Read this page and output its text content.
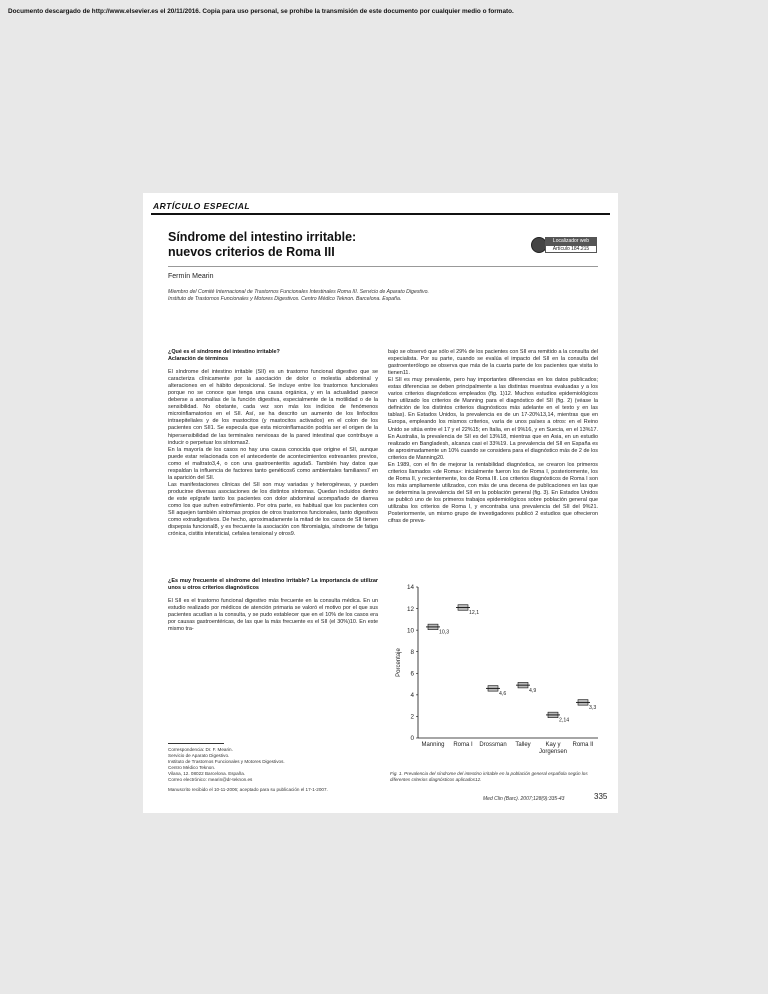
Documento descargado de http://www.elsevier.es el 20/11/2016. Copia para uso personal, se prohíbe la transmisión de este documento por cualquier medio o formato.
ARTÍCULO ESPECIAL
Síndrome del intestino irritable:
nuevos criterios de Roma III
Localizador web
Artículo 184.215
Fermín Mearin
Miembro del Comité Internacional de Trastornos Funcionales Intestinales Roma III. Servicio de Aparato Digestivo.
Instituto de Trastornos Funcionales y Motores Digestivos. Centro Médico Teknon. Barcelona. España.

¿Qué es el síndrome del intestino irritable?

Aclaración de términos

El síndrome del intestino irritable (SII) es un trastorno funcional digestivo que se caracteriza clínicamente por la asociación de dolor o molestia abdominal y alteraciones en el hábito deposicional. Se incluye entre los trastornos funcionales porque no se conoce que tenga una causa orgánica, y en la actualidad parece deberse a anomalías de la función digestiva, especialmente de la motilidad o de la sensibilidad. No obstante, cada vez son más los indicios de fenómenos microinflamatorios en el SII. Así, se ha descrito un aumento de los linfocitos intraepiteliales y de los mastocitos (y mastocitos activados) en el colon de los pacientes con SII1. Se especula que esta microinflamación podría ser el origen de la hipersensibilidad de las terminales nerviosas de la pared intestinal que contribuye a inducir o perpetuar los síntomas2.

En la mayoría de los casos no hay una causa conocida que origine el SII, aunque puede estar relacionada con el antecedente de acontecimientos estresantes previos, como el maltrato3,4, o con una gastroenteritis aguda5. También hay datos que respaldan la influencia de factores tanto genéticos6 como ambientales familiares7 en la aparición del SII.

Las manifestaciones clínicas del SII son muy variadas y heterogéneas, y pueden producirse diversas asociaciones de los distintos síntomas. Quedan incluidos dentro de este epígrafe tanto los pacientes con dolor abdominal acompañado de diarrea como los que sufren estreñimiento. Por otra parte, es habitual que los pacientes con SII aquejen también síntomas propios de otros trastornos funcionales, tanto digestivos como extradigestivos. De hecho, aproximadamente la mitad de los casos de SII tienen dispepsia funcional8, y es frecuente la asociación con fibromialgia, síndrome de fatiga crónica, cistitis intersticial, cefalea tensional y otros9.

¿Es muy frecuente el síndrome del intestino irritable? La importancia de utilizar unos u otros criterios diagnósticos

El SII es el trastorno funcional digestivo más frecuente en la consulta médica. En un estudio realizado por médicos de atención primaria se valoró el motivo por el que sus pacientes acudían a la consulta, y se pudo establecer que en el 10% de los casos era por causas gastroentéricas, de las que la más frecuente es el SII (el 30%)10. En este mismo tra-

Correspondencia: Dr. F. Mearin.
Servicio de Aparato Digestivo.
Instituto de Trastornos Funcionales y Motores Digestivos.
Centro Médico Teknon.
Vilana, 12. 08022 Barcelona. España.
Correo electrónico: mearin@dr-teknon.es
Manuscrito recibido el 10-11-2006; aceptado para su publicación el 17-1-2007.

bajo se observó que sólo el 29% de los pacientes con SII era remitido a la consulta del especialista. Por su parte, cuando se evalúa el impacto del SII en la consulta del gastroenterólogo se observa que más de la cuarta parte de los pacientes que visita lo tienen11.

El SII es muy prevalente, pero hay importantes diferencias en los datos publicados; estas diferencias se deben principalmente a las distintas muestras evaluadas y a los varios criterios diagnósticos empleados (fig. 1)12. Muchos estudios epidemiológicos han utilizado los criterios de Manning para el diagnóstico del SII (fig. 2) (véase la definición de los distintos criterios diagnósticos más adelante en el texto y en las tablas). En Estados Unidos, la prevalencia es de un 17-20%13,14, mientras que en Europa, empleando los mismos criterios, varía de unos países a otros: en el Reino Unido se sitúa entre el 17 y el 22%15; en Italia, en el 9%16, y en Suecia, en el 13%17. En Australia, la prevalencia de SII es del 13%18, mientras que en Asia, en un estudio realizado en Bangladesh, alcanza casi el 33%19. La prevalencia del SII en España es de aproximadamente un 10% cuando se considera para el diagnóstico más de 2 de los criterios de Manning20.

En 1989, con el fin de mejorar la rentabilidad diagnóstica, se crearon los primeros criterios llamados «de Roma»: inicialmente fueron los de Roma I, posteriormente, los de Roma II, y recientemente, los de Roma III. Los criterios diagnósticos de Roma I son los más ampliamente utilizados, con más de una decena de publicaciones en las que se determina la prevalencia del SII en la población general (fig. 3). En Estados Unidos se publicó uno de los primeros trabajos epidemiológicos sobre población general que utilizaba los criterios de Roma I, y encontraba una prevalencia del SII del 9%21. Posteriormente, un mismo grupo de investigadores publicó 2 estudios que ofrecieron cifras de preva-

0
2
4
6
8
10
12
14
Porcentaje
10,3
Manning
12,1
Roma I
4,6
Drossman
4,9
Talley
2,14
Kay y
Jorgensen
3,3
Roma II
Fig. 1. Prevalencia del síndrome del intestino irritable en la población general española según los diferentes criterios diagnósticos aplicados12.
Med Clin (Barc). 2007;128(9):335-43	335
